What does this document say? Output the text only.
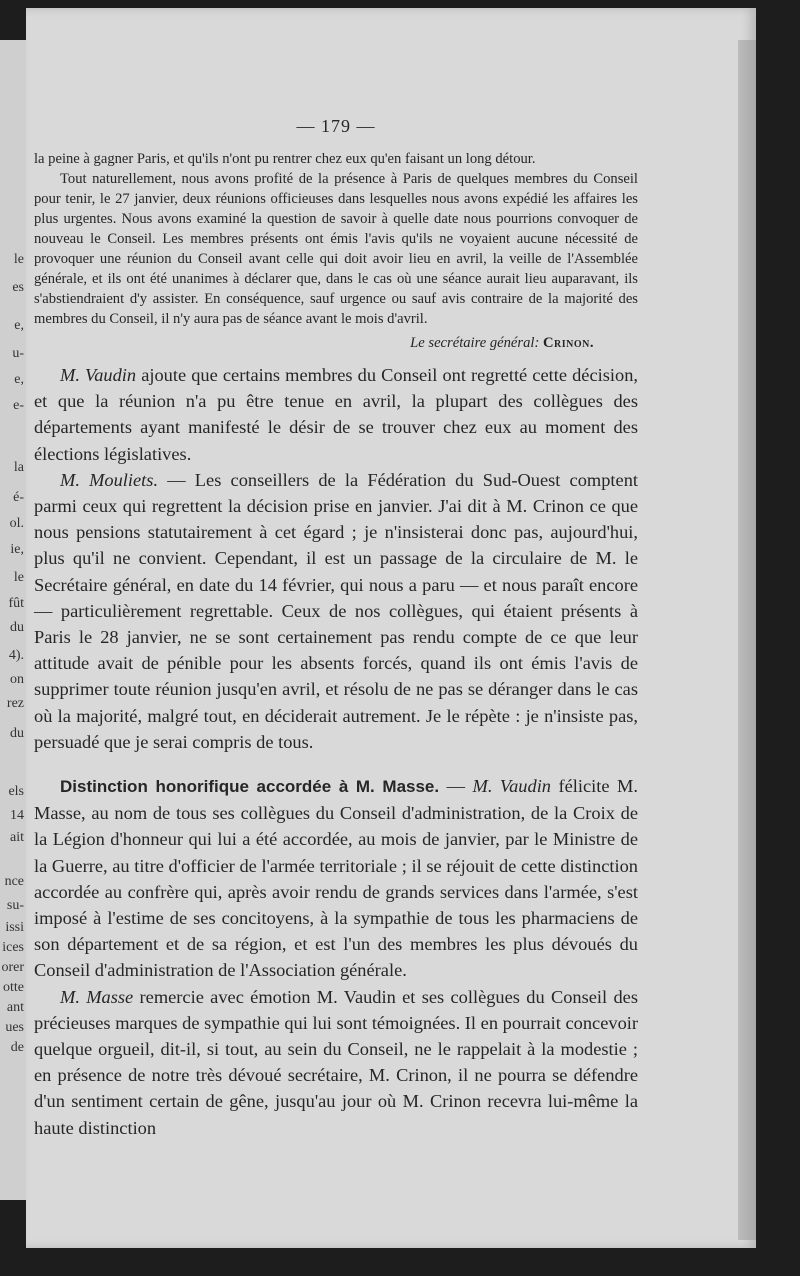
le
es
e,
u-
e,
e-
la
é-
ol.
ie,
le
fût
du
4).
on
rez
du
els
14
ait
nce
su-
issi
ices
orer
otte
ant
ues
de
— 179 —

la peine à gagner Paris, et qu'ils n'ont pu rentrer chez eux qu'en faisant un long détour.

Tout naturellement, nous avons profité de la présence à Paris de quelques membres du Conseil pour tenir, le 27 janvier, deux réunions officieuses dans lesquelles nous avons expédié les affaires les plus urgentes. Nous avons examiné la question de savoir à quelle date nous pourrions convoquer de nouveau le Conseil. Les membres présents ont émis l'avis qu'ils ne voyaient aucune nécessité de provoquer une réunion du Conseil avant celle qui doit avoir lieu en avril, la veille de l'Assemblée générale, et ils ont été unanimes à déclarer que, dans le cas où une séance aurait lieu auparavant, ils s'abstiendraient d'y assister. En conséquence, sauf urgence ou sauf avis contraire de la majorité des membres du Conseil, il n'y aura pas de séance avant le mois d'avril.

Le secrétaire général: Crinon.

M. Vaudin ajoute que certains membres du Conseil ont regretté cette décision, et que la réunion n'a pu être tenue en avril, la plupart des collègues des départements ayant manifesté le désir de se trouver chez eux au moment des élections législatives.

M. Mouliets. — Les conseillers de la Fédération du Sud-Ouest comptent parmi ceux qui regrettent la décision prise en janvier. J'ai dit à M. Crinon ce que nous pensions statutairement à cet égard ; je n'insisterai donc pas, aujourd'hui, plus qu'il ne convient. Cependant, il est un passage de la circulaire de M. le Secrétaire général, en date du 14 février, qui nous a paru — et nous paraît encore — particulièrement regrettable. Ceux de nos collègues, qui étaient présents à Paris le 28 janvier, ne se sont certainement pas rendu compte de ce que leur attitude avait de pénible pour les absents forcés, quand ils ont émis l'avis de supprimer toute réunion jusqu'en avril, et résolu de ne pas se déranger dans le cas où la majorité, malgré tout, en déciderait autrement. Je le répète : je n'insiste pas, persuadé que je serai compris de tous.

Distinction honorifique accordée à M. Masse. — M. Vaudin félicite M. Masse, au nom de tous ses collègues du Conseil d'administration, de la Croix de la Légion d'honneur qui lui a été accordée, au mois de janvier, par le Ministre de la Guerre, au titre d'officier de l'armée territoriale ; il se réjouit de cette distinction accordée au confrère qui, après avoir rendu de grands services dans l'armée, s'est imposé à l'estime de ses concitoyens, à la sympathie de tous les pharmaciens de son département et de sa région, et est l'un des membres les plus dévoués du Conseil d'administration de l'Association générale.

M. Masse remercie avec émotion M. Vaudin et ses collègues du Conseil des précieuses marques de sympathie qui lui sont témoignées. Il en pourrait concevoir quelque orgueil, dit-il, si tout, au sein du Conseil, ne le rappelait à la modestie ; en présence de notre très dévoué secrétaire, M. Crinon, il ne pourra se défendre d'un sentiment certain de gêne, jusqu'au jour où M. Crinon recevra lui-même la haute distinction
